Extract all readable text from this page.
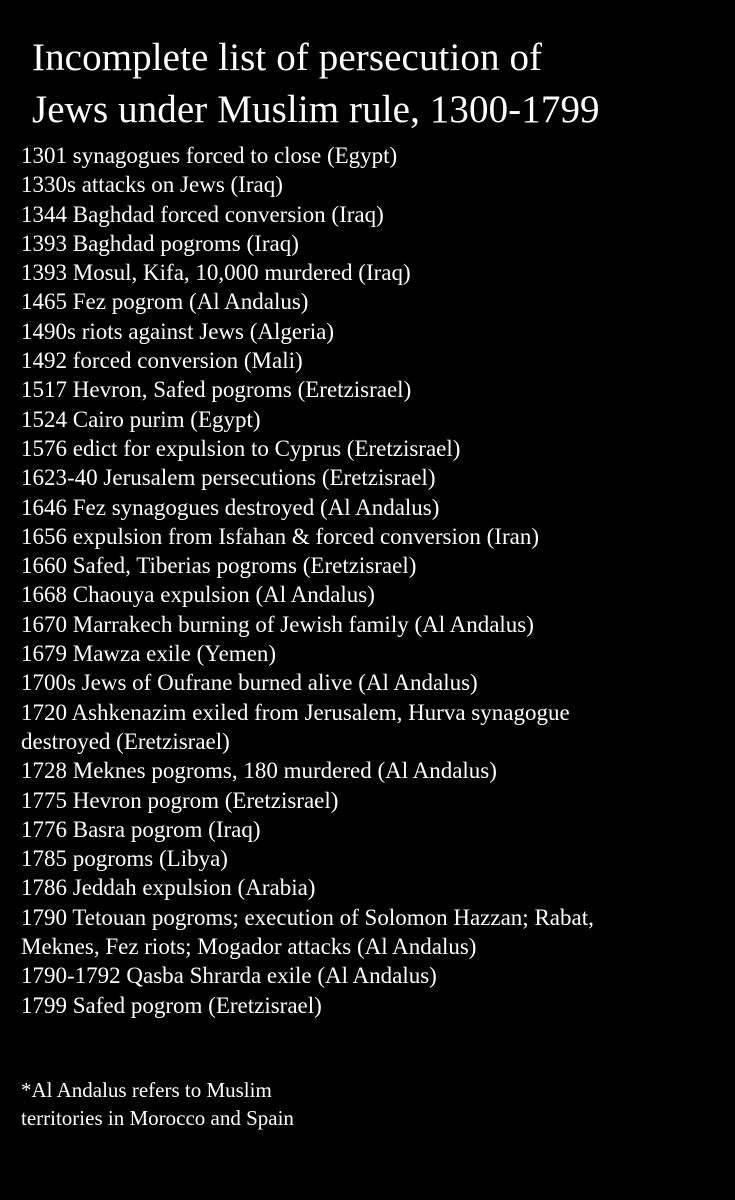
Incomplete list of persecution of
Jews under Muslim rule, 1300-1799
1301 synagogues forced to close (Egypt)
1330s attacks on Jews (Iraq)
1344 Baghdad forced conversion (Iraq)
1393 Baghdad pogroms (Iraq)
1393 Mosul, Kifa, 10,000 murdered (Iraq)
1465 Fez pogrom (Al Andalus)
1490s riots against Jews (Algeria)
1492 forced conversion (Mali)
1517 Hevron, Safed pogroms (Eretzisrael)
1524 Cairo purim (Egypt)
1576 edict for expulsion to Cyprus (Eretzisrael)
1623-40 Jerusalem persecutions (Eretzisrael)
1646 Fez synagogues destroyed (Al Andalus)
1656 expulsion from Isfahan & forced conversion (Iran)
1660 Safed, Tiberias pogroms (Eretzisrael)
1668 Chaouya expulsion (Al Andalus)
1670 Marrakech burning of Jewish family (Al Andalus)
1679 Mawza exile (Yemen)
1700s Jews of Oufrane burned alive (Al Andalus)
1720 Ashkenazim exiled from Jerusalem, Hurva synagogue
destroyed (Eretzisrael)
1728 Meknes pogroms, 180 murdered (Al Andalus)
1775 Hevron pogrom (Eretzisrael)
1776 Basra pogrom (Iraq)
1785 pogroms (Libya)
1786 Jeddah expulsion (Arabia)
1790 Tetouan pogroms; execution of Solomon Hazzan; Rabat,
Meknes, Fez riots; Mogador attacks (Al Andalus)
1790-1792 Qasba Shrarda exile (Al Andalus)
1799 Safed pogrom (Eretzisrael)

*Al Andalus refers to Muslim
territories in Morocco and Spain
